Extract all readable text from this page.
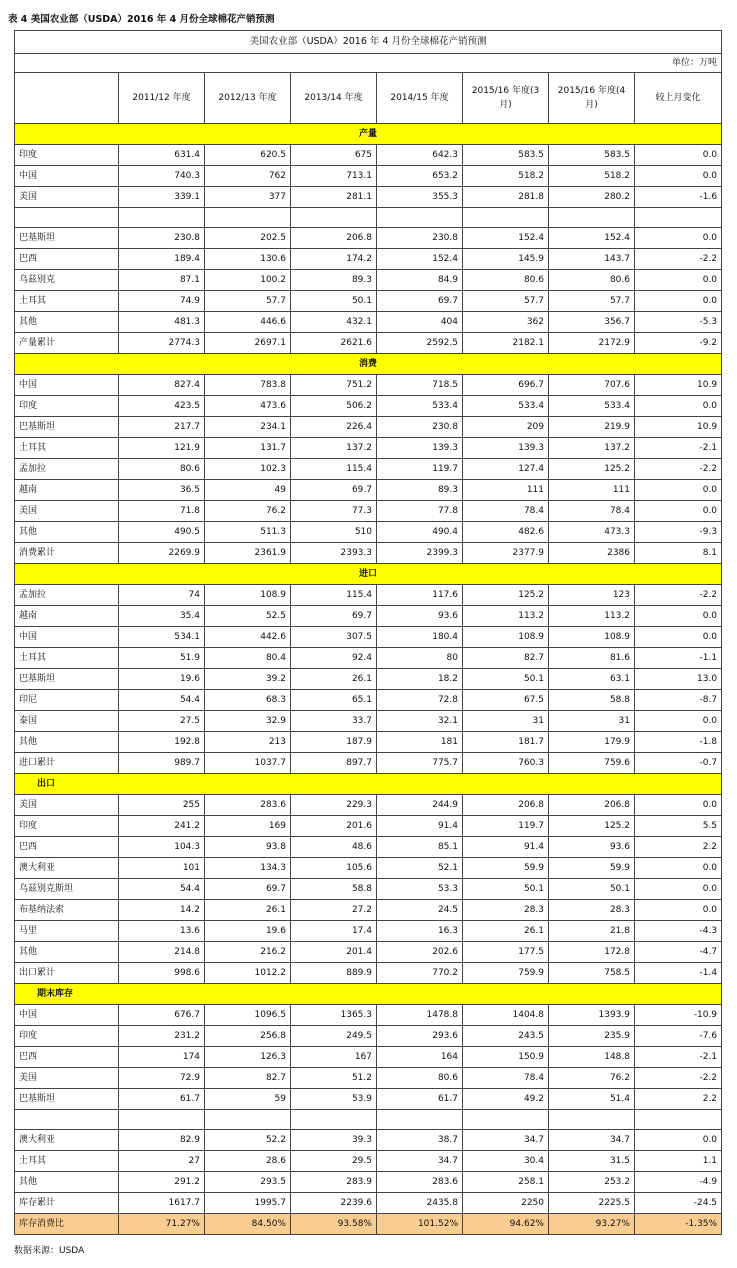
表 4 美国农业部（USDA）2016 年 4 月份全球棉花产销预测
美国农业部（USDA）2016 年 4 月份全球棉花产销预测							
单位：万吨							
	2011/12 年度	2012/13 年度	2013/14 年度	2014/15 年度	2015/16 年度(3月)	2015/16 年度(4月)	较上月变化
产量							
印度	631.4	620.5	675	642.3	583.5	583.5	0.0
中国	740.3	762	713.1	653.2	518.2	518.2	0.0
美国	339.1	377	281.1	355.3	281.8	280.2	-1.6

巴基斯坦	230.8	202.5	206.8	230.8	152.4	152.4	0.0
巴西	189.4	130.6	174.2	152.4	145.9	143.7	-2.2
乌兹别克	87.1	100.2	89.3	84.9	80.6	80.6	0.0
土耳其	74.9	57.7	50.1	69.7	57.7	57.7	0.0
其他	481.3	446.6	432.1	404	362	356.7	-5.3
产量累计	2774.3	2697.1	2621.6	2592.5	2182.1	2172.9	-9.2
消费							
中国	827.4	783.8	751.2	718.5	696.7	707.6	10.9
印度	423.5	473.6	506.2	533.4	533.4	533.4	0.0
巴基斯坦	217.7	234.1	226.4	230.8	209	219.9	10.9
土耳其	121.9	131.7	137.2	139.3	139.3	137.2	-2.1
孟加拉	80.6	102.3	115.4	119.7	127.4	125.2	-2.2
越南	36.5	49	69.7	89.3	111	111	0.0
美国	71.8	76.2	77.3	77.8	78.4	78.4	0.0
其他	490.5	511.3	510	490.4	482.6	473.3	-9.3
消费累计	2269.9	2361.9	2393.3	2399.3	2377.9	2386	8.1
进口							
孟加拉	74	108.9	115.4	117.6	125.2	123	-2.2
越南	35.4	52.5	69.7	93.6	113.2	113.2	0.0
中国	534.1	442.6	307.5	180.4	108.9	108.9	0.0
土耳其	51.9	80.4	92.4	80	82.7	81.6	-1.1
巴基斯坦	19.6	39.2	26.1	18.2	50.1	63.1	13.0
印尼	54.4	68.3	65.1	72.8	67.5	58.8	-8.7
泰国	27.5	32.9	33.7	32.1	31	31	0.0
其他	192.8	213	187.9	181	181.7	179.9	-1.8
进口累计	989.7	1037.7	897.7	775.7	760.3	759.6	-0.7
出口							
美国	255	283.6	229.3	244.9	206.8	206.8	0.0
印度	241.2	169	201.6	91.4	119.7	125.2	5.5
巴西	104.3	93.8	48.6	85.1	91.4	93.6	2.2
澳大利亚	101	134.3	105.6	52.1	59.9	59.9	0.0
乌兹别克斯坦	54.4	69.7	58.8	53.3	50.1	50.1	0.0
布基纳法索	14.2	26.1	27.2	24.5	28.3	28.3	0.0
马里	13.6	19.6	17.4	16.3	26.1	21.8	-4.3
其他	214.8	216.2	201.4	202.6	177.5	172.8	-4.7
出口累计	998.6	1012.2	889.9	770.2	759.9	758.5	-1.4
期末库存							
中国	676.7	1096.5	1365.3	1478.8	1404.8	1393.9	-10.9
印度	231.2	256.8	249.5	293.6	243.5	235.9	-7.6
巴西	174	126.3	167	164	150.9	148.8	-2.1
美国	72.9	82.7	51.2	80.6	78.4	76.2	-2.2
巴基斯坦	61.7	59	53.9	61.7	49.2	51.4	2.2

澳大利亚	82.9	52.2	39.3	38.7	34.7	34.7	0.0
土耳其	27	28.6	29.5	34.7	30.4	31.5	1.1
其他	291.2	293.5	283.9	283.6	258.1	253.2	-4.9
库存累计	1617.7	1995.7	2239.6	2435.8	2250	2225.5	-24.5
库存消费比	71.27%	84.50%	93.58%	101.52%	94.62%	93.27%	-1.35%
数据来源：USDA
